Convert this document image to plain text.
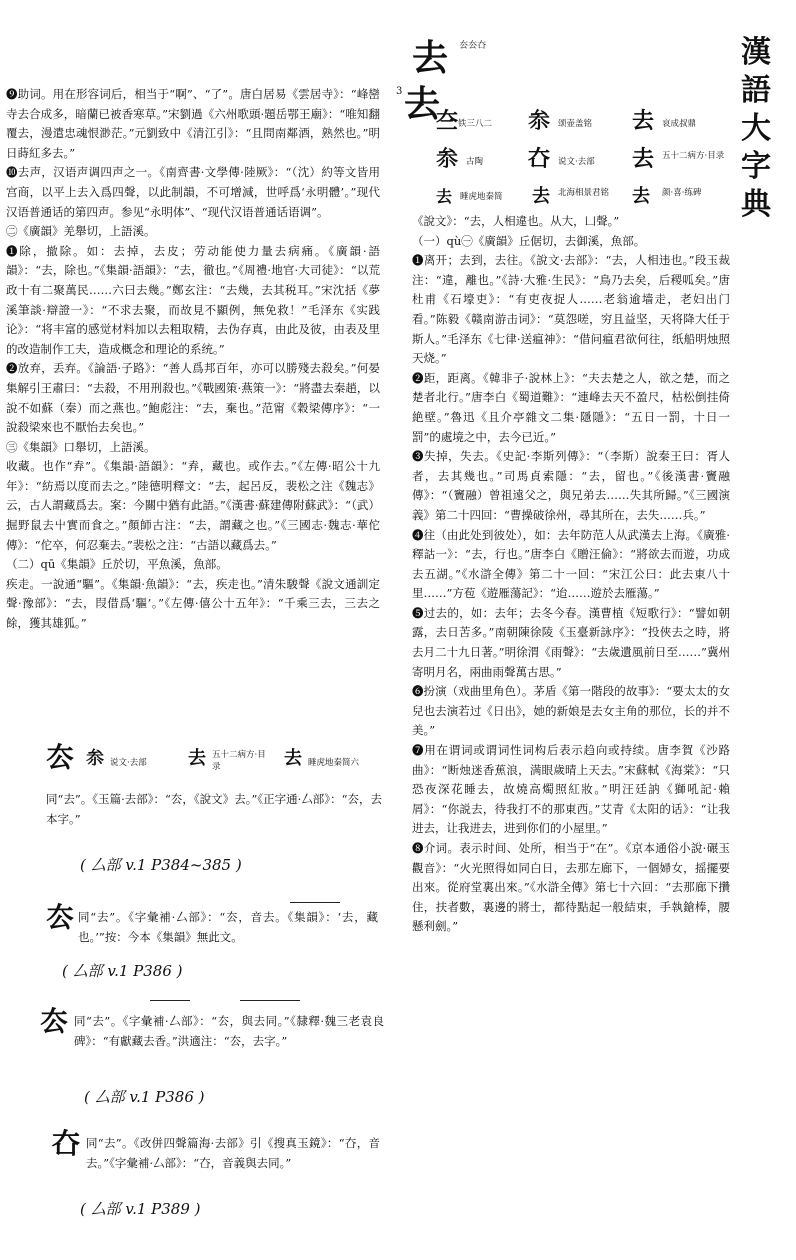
漢語大字典
去 $^{厺厺㚎}$
3 去
夳 铁三八二 𠫭 颂壶盖铭 去 哀成叔鼎
𠫭 古陶 㚎 说文·去部 去 五十二病方·目录
去 睡虎地秦简 去 北海相景君铭	去 颜·喜·练碑

《說文》：“去，人相違也。从大，凵聲。”

（一）qù㊀《廣韻》丘倨切，去御溪，魚部。

❶离开；去到，去往。《說文·去部》：“去，人相违也。”段玉裁注：“違，離也。”《詩·大雅·生民》：“鳥乃去矣，后稷呱矣。”唐杜甫《石壕吏》：“有吏夜捉人……老翁逾墙走，老妇出门看。”陈毅《赣南游击词》：“莫怨嗟，穷且益坚，天将降大任于斯人。”毛泽东《七律·送瘟神》：“借问瘟君欲何往，纸船明烛照天烧。”

❷距，距离。《韓非子·說林上》：“夫去楚之人，欲之楚，而之楚者北行。”唐李白《蜀道難》：“連峰去天不盈尺，枯松倒挂倚絶壁。”魯迅《且介亭雜文二集·隱隱》：“五日一罰，十日一罰”的處境之中，去今已近。”

❸失掉，失去。《史記·李斯列傳》：“（李斯）說秦王曰：胥人者，去其幾也。”司馬貞索隱：“去，留也。”《後漢書·竇融傳》：“（竇融）曾祖遠父之，與兄弟去……失其所歸。”《三國演義》第二十四回：“曹操破徐州，尋其所在，去失……兵。”

❹往（由此处到彼处），如：去年防范人从武漢去上海。《廣雅·釋詁一》：“去，行也。”唐李白《贈汪倫》：“將欲去而遊，功成去五湖。”《水滸全傳》第二十一回：“宋江公曰：此去東八十里……”方苞《遊雁蕩記》：“迨……遊於去雁蕩。”

❺过去的，如：去年；去冬今春。漢曹植《短歌行》：“譬如朝露，去日苦多。”南朝陳徐陵《玉臺新詠序》：“投俠去之時，將去月二十九日著。”明徐渭《雨聲》：“去歲遺風前日至……”冀州寄明月名，兩曲雨聲萬古思。”

❻扮演（戏曲里角色）。茅盾《第一階段的故事》：“要太太的女兒也去演若过《日出》，她的新娘是去女主角的那位，长的并不美。”

❼用在谓词或谓词性词构后表示趋向或持续。唐李賀《沙路曲》：“断烛迷香蕉浪，满眼歲晴上天去。”宋蘇軾《海棠》：“只恐夜深花睡去，故燒高燭照紅妝。”明汪廷訥《獅吼記·賴屑》：“你説去，待我打不的那東西。”艾青《太阳的话》：“让我进去，让我进去，进到你们的小屋里。”

❽介词。表示时间、处所，相当于“在”。《京本通俗小說·碾玉觀音》：“火光照得如同白日，去那左廊下，一個婦女，摇擺要出來。從府堂裏出來。”《水滸全傳》第七十六回：“去那廊下攢住，扶者數，裏邊的將士，都待點起一般結束，手執鎗棒，腰懸利劍。”

❾助词。用在形容词后，相当于“啊”、“了”。唐白居易《雲居寺》：“峰巒寺去合成多，暗蘭已被香寒草。”宋劉過《六州歌頭·題岳鄂王廟》：“唯知翻覆去，漫遣忠魂恨渺茫。”元劉致中《清江引》：“且問南鄰酒，熟然也。”明日蒔紅多去。”

❿去声，汉语声调四声之一。《南齊書·文學傳·陸厥》：“（沈）約等文皆用宫商，以平上去入爲四聲，以此制韻，不可增減，世呼爲‘永明體’。”现代汉语普通话的第四声。参见“永明体”、“现代汉语普通话语调”。

㊁《廣韻》羌舉切，上語溪。

❶除，撤除。如：去掉，去皮；劳动能使力量去病痛。《廣韻·語韻》：“去，除也。”《集韻·語韻》：“去，徹也。”《周禮·地官·大司徒》：“以荒政十有二聚萬民……六曰去幾。”鄭玄注：“去幾，去其税耳。”宋沈括《夢溪筆談·辯證一》：“不求去聚，而故見不顯例，無免救！”毛泽东《实践论》：“将丰富的感觉材料加以去粗取精，去伪存真，由此及彼，由表及里的改造制作工夫，造成概念和理论的系统。”

❷放弃，丢弃。《論語·子路》：“善人爲邦百年，亦可以勝殘去殺矣。”何晏集解引王肅曰：“去殺，不用刑殺也。”《戰國策·燕策一》：“將盡去秦趙，以說不如蘇（秦）而之燕也。”鮑彪注：“去，棄也。”范甯《穀梁傳序》：“一說殺梁來也不厭怡去矣也。”

㊂《集韻》口舉切，上語溪。

收藏。也作“弆”。《集韻·語韻》：“弆，藏也。或作去。”《左傳·昭公十九年》：“紡焉以度而去之。”陸德明釋文：“去，起呂反，裴松之注《魏志》云，古人謂藏爲去。案：今關中猶有此語。”《漢書·蘇建傳附蘇武》：“（武）掘野鼠去屮實而食之。”顏師古注：“去，謂藏之也。”《三國志·魏志·華佗傳》：“佗卒，何忍棄去。”裴松之注：“古語以藏爲去。”

（二）qū《集韻》丘於切，平魚溪，魚部。

疾走。一說通“驅”。《集韻·魚韻》：“去，疾走也。”清朱駿聲《說文通訓定聲·豫部》：“去，叚借爲‘驅’。”《左傳·僖公十五年》：“千乘三去，三去之餘，獲其雄狐。”

厺 𠫭 说文·去部 去 五十二病方·目录	去 睡虎地秦简六
同“去”。《玉篇·去部》：“厺，《說文》去。”《正字通·厶部》：“厺，去本字。”
( 厶部 v.1 P384~385 )
厺 同“去”。《字彙補·厶部》：“厺，音去。《集韻》：‘去，藏也。’”按：今本《集韻》無此文。
( 厶部 v.1 P386 )
厺 同“去”。《字彙補·厶部》：“厺，與去同。”《隸釋·魏三老袁良碑》：“有獻藏去香。”洪適注：“厺，去字。”
( 厶部 v.1 P386 )
㚎 同“去”。《改併四聲篇海·去部》引《搜真玉鏡》：“㚎，音去。”《字彙補·厶部》：“㚎，音義與去同。”
( 厶部 v.1 P389 )
